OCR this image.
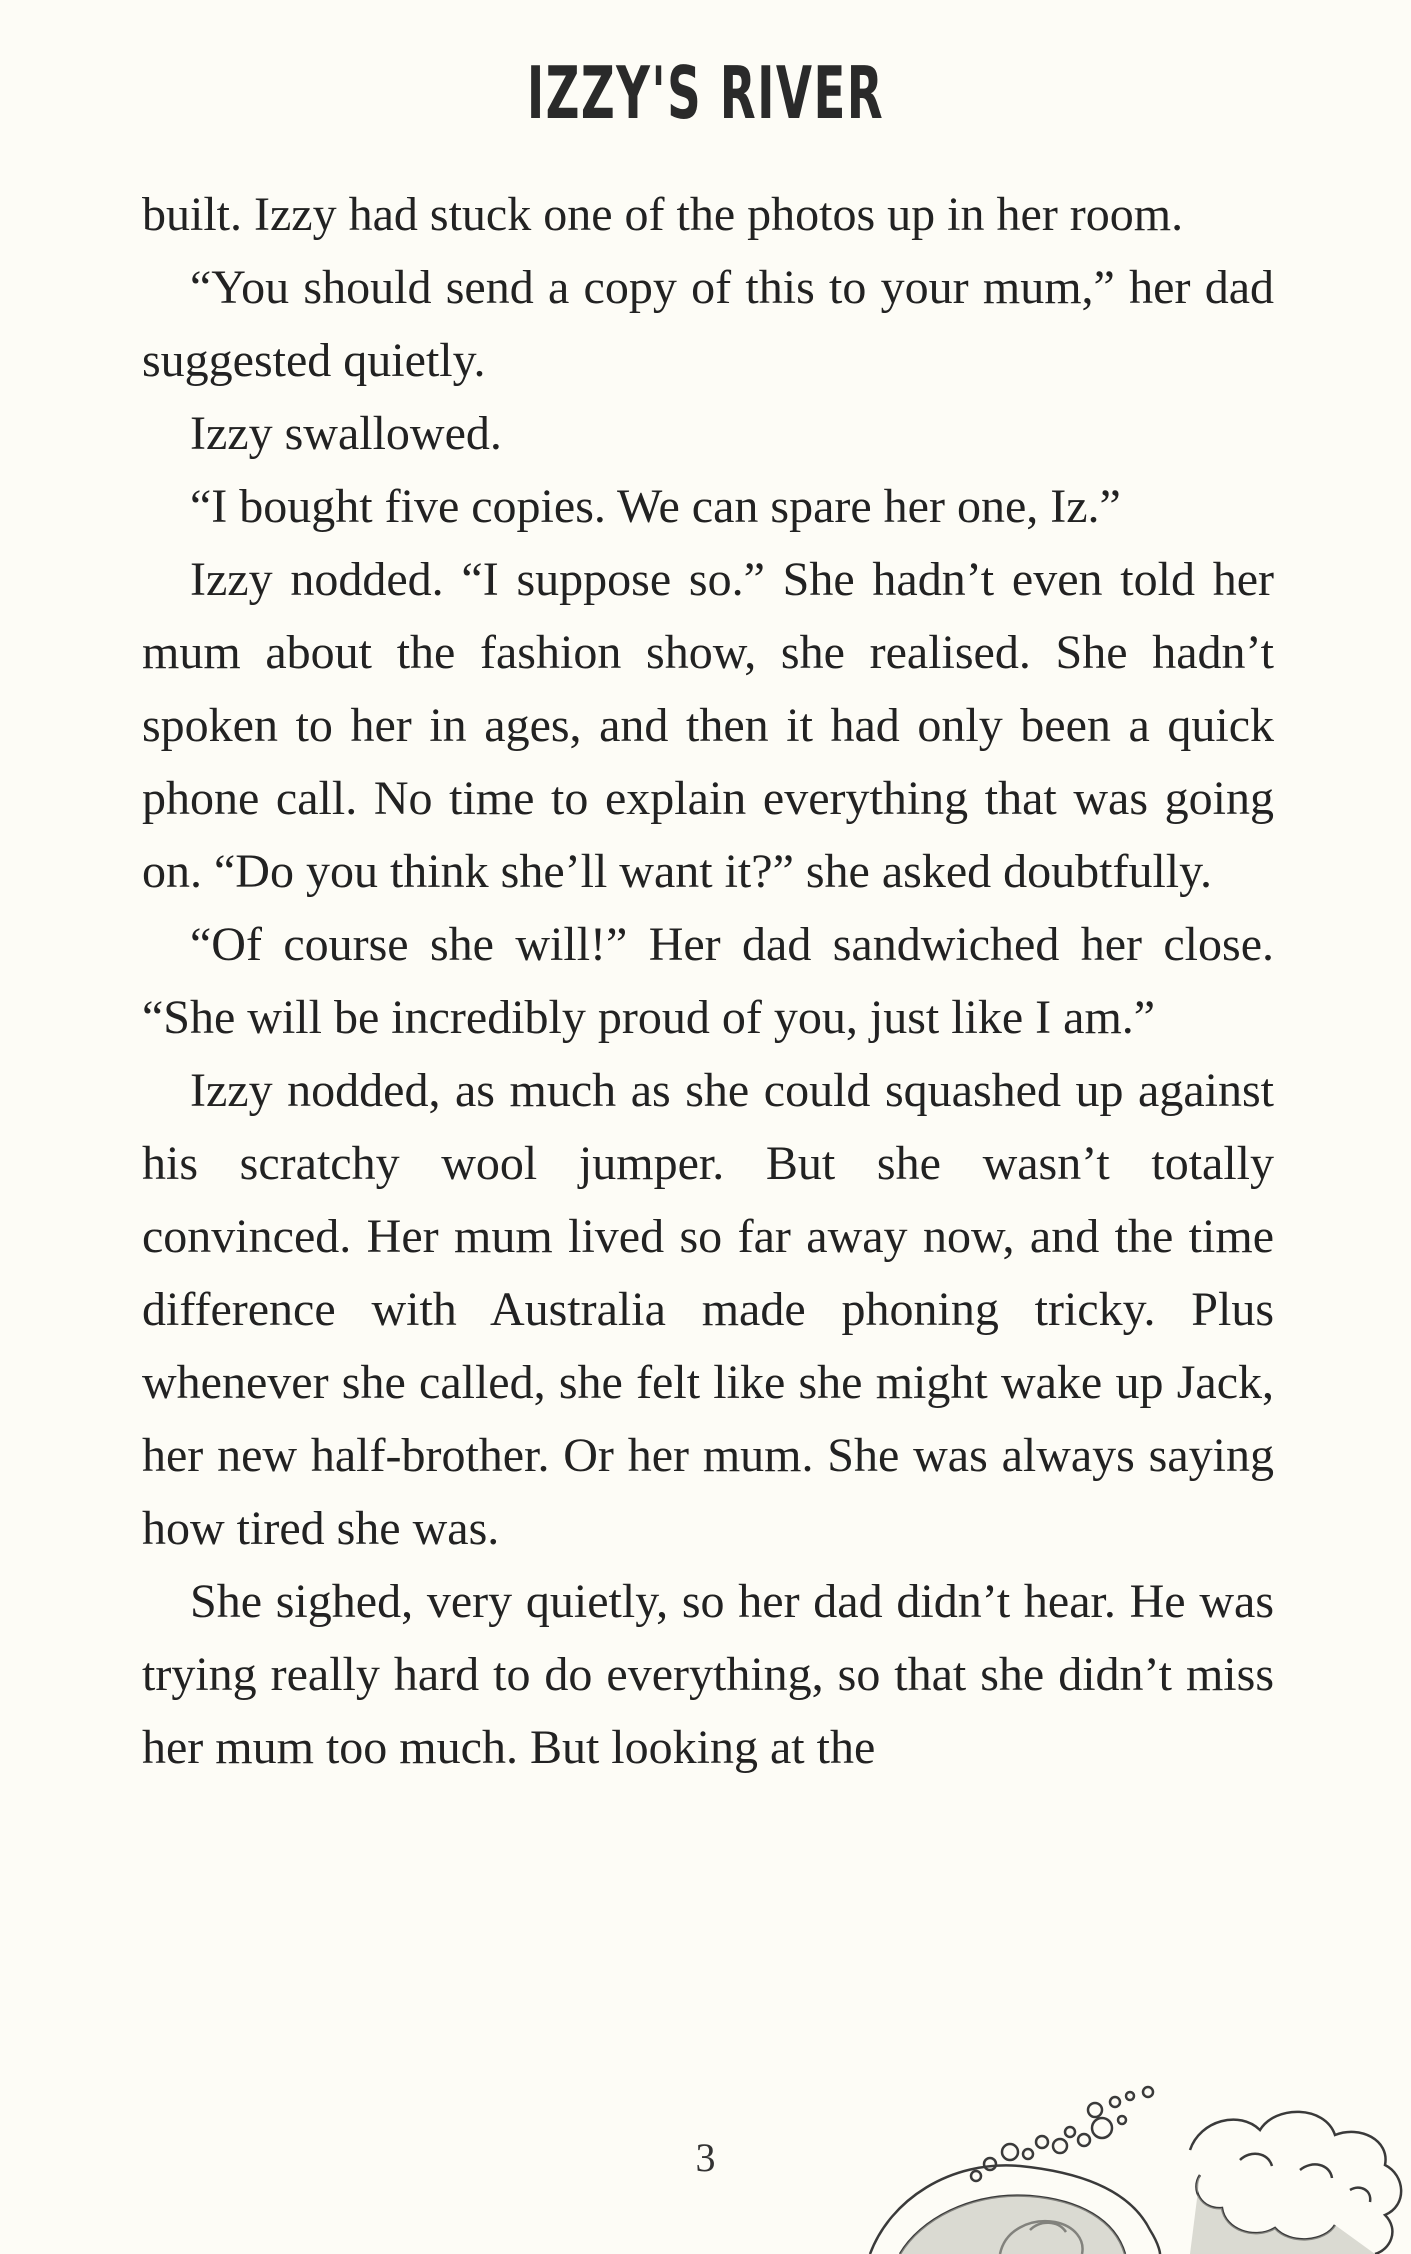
IZZY'S RIVER

built. Izzy had stuck one of the photos up in her room.

“You should send a copy of this to your mum,” her dad suggested quietly.

Izzy swallowed.

“I bought five copies. We can spare her one, Iz.”

Izzy nodded. “I suppose so.” She hadn’t even told her mum about the fashion show, she realised. She hadn’t spoken to her in ages, and then it had only been a quick phone call. No time to explain everything that was going on. “Do you think she’ll want it?” she asked doubtfully.

“Of course she will!” Her dad sandwiched her close. “She will be incredibly proud of you, just like I am.”

Izzy nodded, as much as she could squashed up against his scratchy wool jumper. But she wasn’t totally convinced. Her mum lived so far away now, and the time difference with Australia made phoning tricky. Plus whenever she called, she felt like she might wake up Jack, her new half-brother. Or her mum. She was always saying how tired she was.

She sighed, very quietly, so her dad didn’t hear. He was trying really hard to do everything, so that she didn’t miss her mum too much. But looking at the

3
